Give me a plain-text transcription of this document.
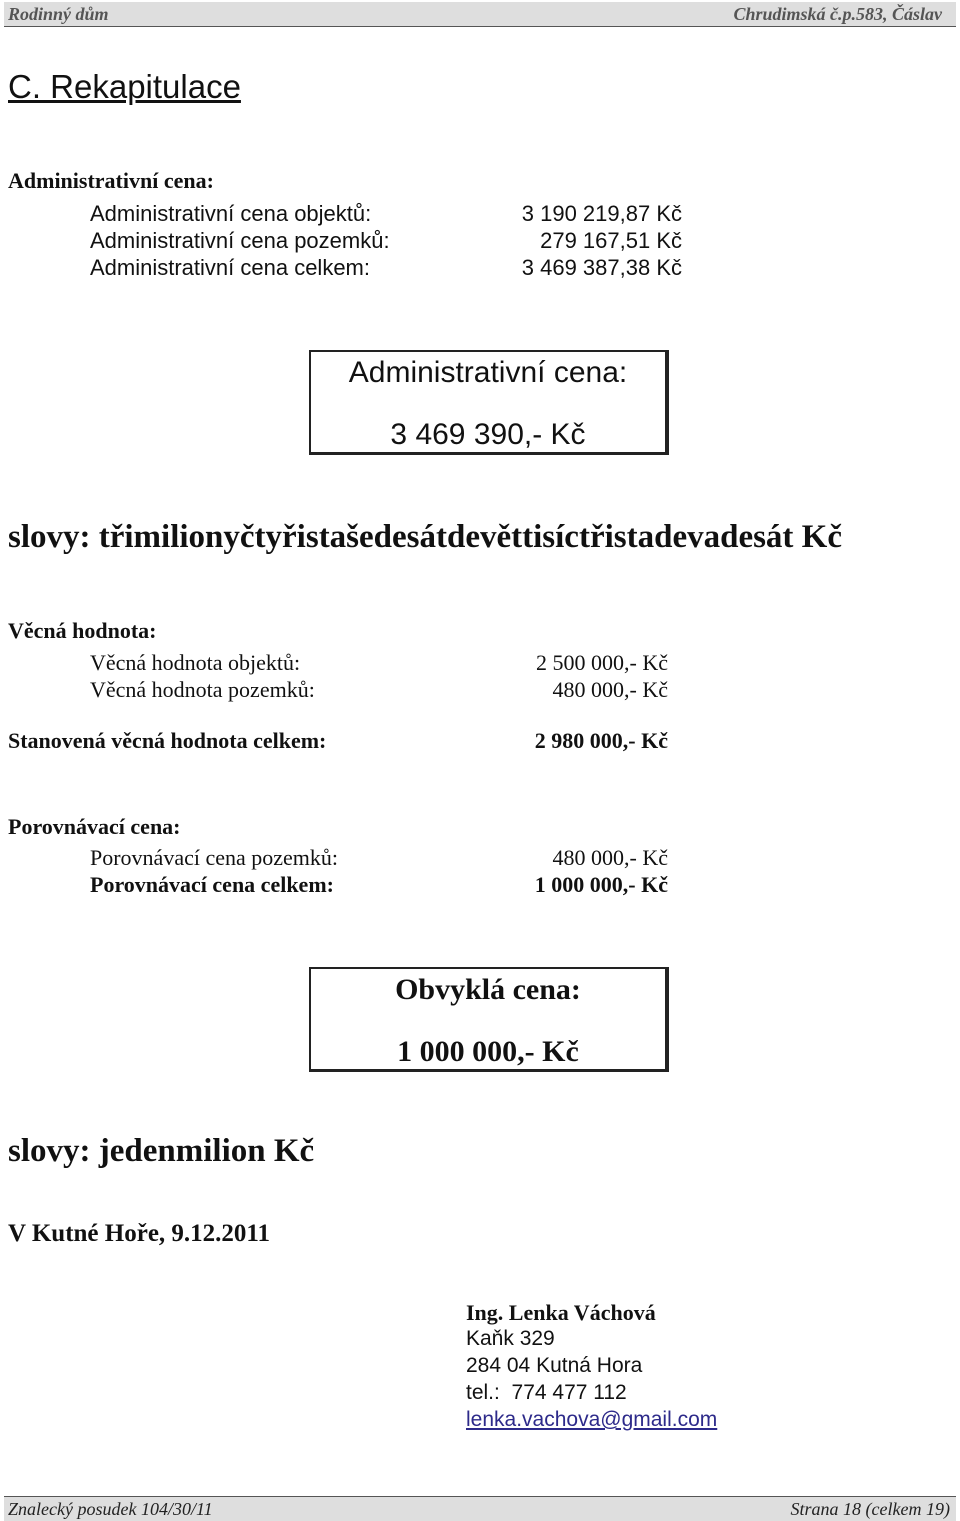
Rodinný dům	Chrudimská č.p.583, Čáslav
C. Rekapitulace
Administrativní cena:
Administrativní cena objektů:	3 190 219,87 Kč
Administrativní cena pozemků:	279 167,51 Kč
Administrativní cena celkem:	3 469 387,38 Kč
Administrativní cena:
3 469 390,- Kč
slovy: třimilionyčtyřistašedesátdevěttisíctřistadevadesát Kč
Věcná hodnota:
Věcná hodnota objektů:	2 500 000,- Kč
Věcná hodnota pozemků:	480 000,- Kč
Stanovená věcná hodnota celkem:	2 980 000,- Kč
Porovnávací cena:
Porovnávací cena pozemků:	480 000,- Kč
Porovnávací cena celkem:	1 000 000,- Kč
Obvyklá cena:
1 000 000,- Kč
slovy: jedenmilion Kč
V Kutné Hoře, 9.12.2011
Ing. Lenka Váchová
Kaňk 329
284 04 Kutná Hora
tel.:  774 477 112
lenka.vachova@gmail.com
Znalecký posudek 104/30/11	Strana 18 (celkem 19)
